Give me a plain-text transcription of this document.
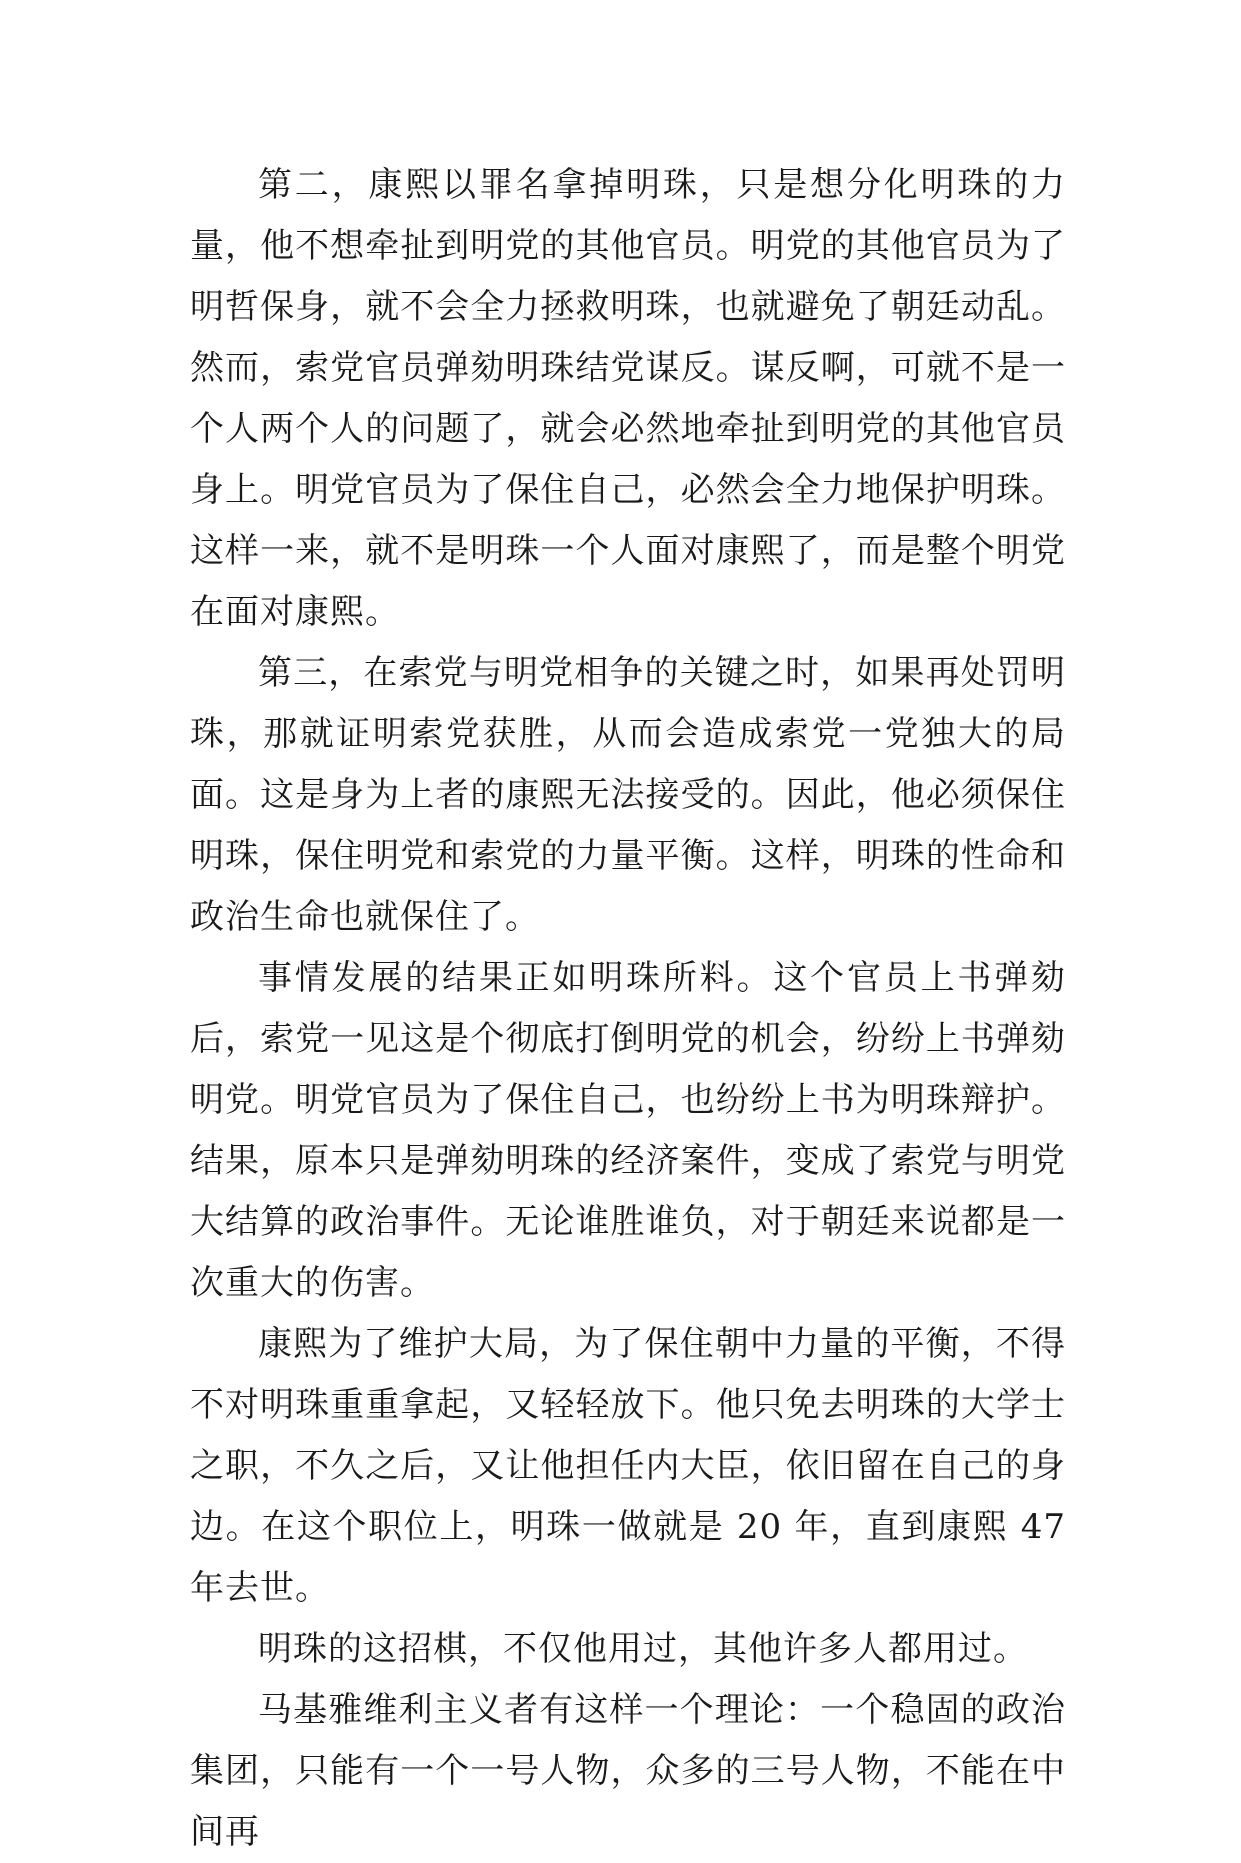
第二，康熙以罪名拿掉明珠，只是想分化明珠的力量，他不想牵扯到明党的其他官员。明党的其他官员为了明哲保身，就不会全力拯救明珠，也就避免了朝廷动乱。然而，索党官员弹劾明珠结党谋反。谋反啊，可就不是一个人两个人的问题了，就会必然地牵扯到明党的其他官员身上。明党官员为了保住自己，必然会全力地保护明珠。这样一来，就不是明珠一个人面对康熙了，而是整个明党在面对康熙。

第三，在索党与明党相争的关键之时，如果再处罚明珠，那就证明索党获胜，从而会造成索党一党独大的局面。这是身为上者的康熙无法接受的。因此，他必须保住明珠，保住明党和索党的力量平衡。这样，明珠的性命和政治生命也就保住了。

事情发展的结果正如明珠所料。这个官员上书弹劾后，索党一见这是个彻底打倒明党的机会，纷纷上书弹劾明党。明党官员为了保住自己，也纷纷上书为明珠辩护。结果，原本只是弹劾明珠的经济案件，变成了索党与明党大结算的政治事件。无论谁胜谁负，对于朝廷来说都是一次重大的伤害。

康熙为了维护大局，为了保住朝中力量的平衡，不得不对明珠重重拿起，又轻轻放下。他只免去明珠的大学士之职，不久之后，又让他担任内大臣，依旧留在自己的身边。在这个职位上，明珠一做就是 20 年，直到康熙 47 年去世。

明珠的这招棋，不仅他用过，其他许多人都用过。

马基雅维利主义者有这样一个理论：一个稳固的政治集团，只能有一个一号人物，众多的三号人物，不能在中间再
